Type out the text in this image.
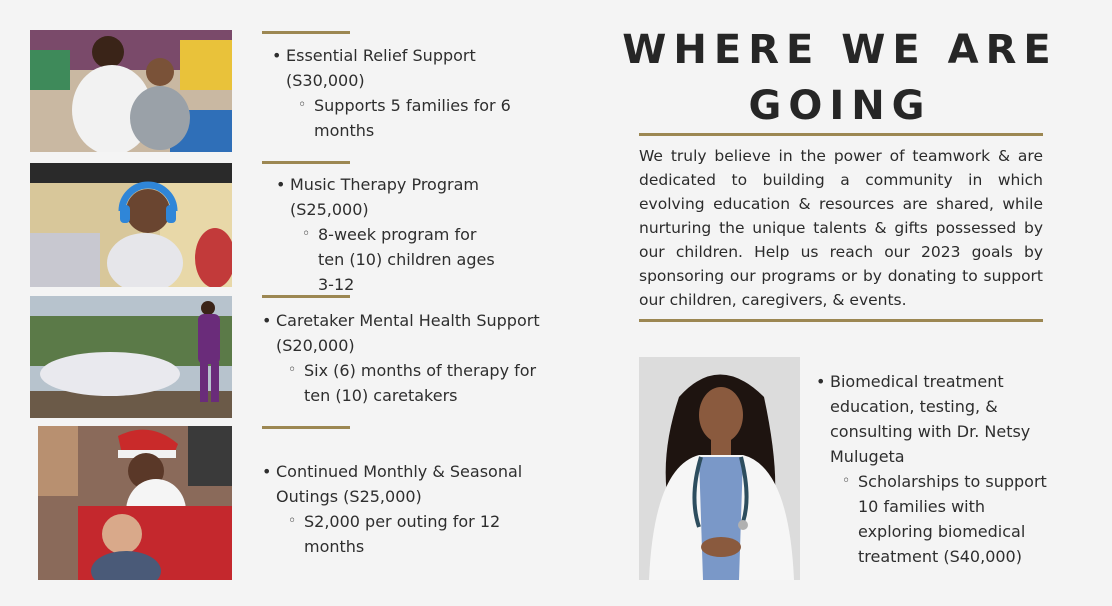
• Essential Relief Support (S30,000)
◦ Supports 5 families for 6 months
• Music Therapy Program (S25,000)
◦ 8-week program for ten (10) children ages 3-12
• Caretaker Mental Health Support (S20,000)
◦ Six (6) months of therapy for ten (10) caretakers
• Continued Monthly & Seasonal Outings (S25,000)
◦ S2,000 per outing for 12 months
WHERE WE ARE
GOING
We truly believe in the power of teamwork & are dedicated to building a community in which evolving education & resources are shared, while nurturing the unique talents & gifts possessed by our children. Help us reach our 2023 goals by sponsoring our programs or by donating to support our children, caregivers, & events.
• Biomedical treatment education, testing, & consulting with Dr. Netsy Mulugeta
◦ Scholarships to support 10 families with exploring biomedical treatment (S40,000)
